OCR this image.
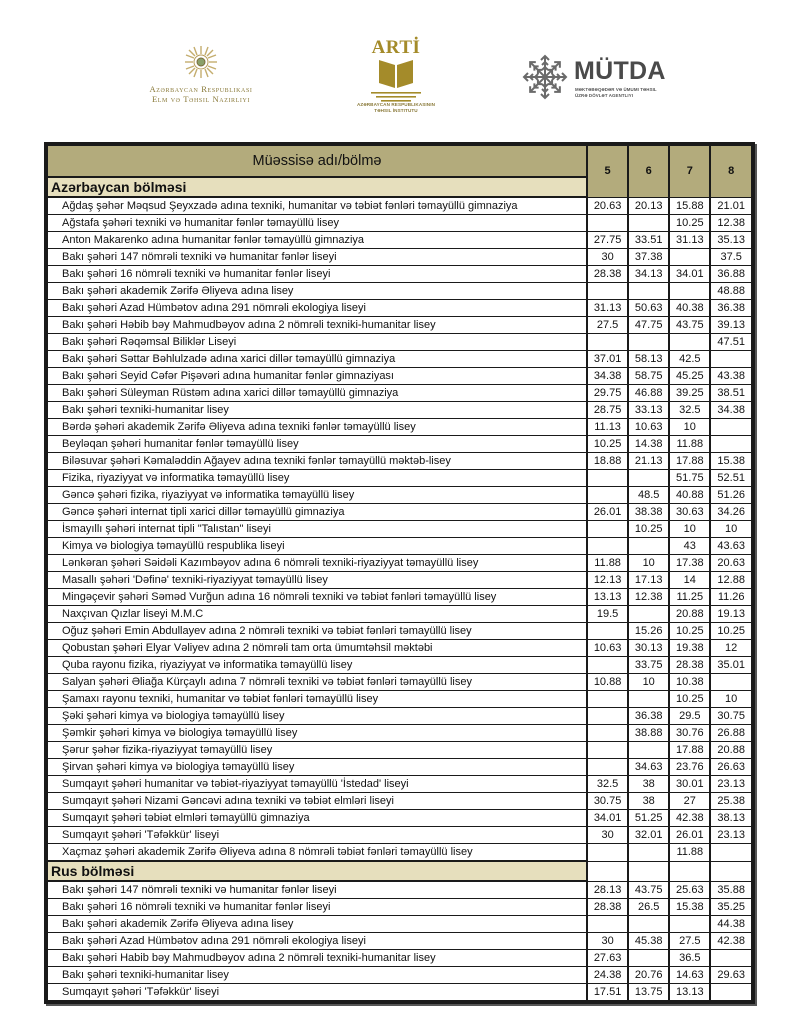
Azərbaycan Respublikası
Elm və Təhsil Nazirliyi
ARTİ
AZƏRBAYCAN RESPUBLIKASININ
TƏHSIL İNSTITUTU
MÜTDA
MƏKTƏBƏQƏDƏR VƏ ÜMUMI TƏHSIL
ÜZRƏ DÖVLƏT AGENTLIYI
Müəssisə adı/bölmə	5	6	7	8
Azərbaycan bölməsi				
Ağdaş şəhər Məqsud Şeyxzadə adına texniki, humanitar və təbiət fənləri təmayüllü gimnaziya	20.63	20.13	15.88	21.01
Ağstafa şəhəri texniki və humanitar fənlər təmayüllü lisey			10.25	12.38
Anton Makarenko adına humanitar fənlər təmayüllü gimnaziya	27.75	33.51	31.13	35.13
Bakı şəhəri 147 nömrəli texniki və humanitar fənlər liseyi	30	37.38		37.5
Bakı şəhəri 16 nömrəli texniki və humanitar fənlər liseyi	28.38	34.13	34.01	36.88
Bakı şəhəri akademik Zərifə Əliyeva adına lisey				48.88
Bakı şəhəri Azad Hümbətov adına 291 nömrəli ekologiya liseyi	31.13	50.63	40.38	36.38
Bakı şəhəri Həbib bəy Mahmudbəyov adına 2 nömrəli texniki-humanitar lisey	27.5	47.75	43.75	39.13
Bakı şəhəri Rəqəmsal Biliklər Liseyi				47.51
Bakı şəhəri Səttar Bəhlulzadə adına xarici dillər təmayüllü gimnaziya	37.01	58.13	42.5	
Bakı şəhəri Seyid Cəfər Pişəvəri adına humanitar fənlər gimnaziyası	34.38	58.75	45.25	43.38
Bakı şəhəri Süleyman Rüstəm adına xarici dillər təmayüllü gimnaziya	29.75	46.88	39.25	38.51
Bakı şəhəri texniki-humanitar lisey	28.75	33.13	32.5	34.38
Bərdə şəhəri akademik Zərifə Əliyeva adına texniki fənlər təmayüllü lisey	11.13	10.63	10	
Beyləqan şəhəri humanitar fənlər təmayüllü lisey	10.25	14.38	11.88	
Biləsuvar şəhəri Kəmaləddin Ağayev adına texniki fənlər təmayüllü məktəb-lisey	18.88	21.13	17.88	15.38
Fizika, riyaziyyat və informatika təmayüllü lisey			51.75	52.51
Gəncə şəhəri fizika, riyaziyyat və informatika təmayüllü lisey		48.5	40.88	51.26
Gəncə şəhəri internat tipli xarici dillər təmayüllü gimnaziya	26.01	38.38	30.63	34.26
İsmayıllı şəhəri internat tipli "Talıstan" liseyi		10.25	10	10
Kimya və biologiya təmayüllü respublika liseyi			43	43.63
Lənkəran şəhəri Səidəli Kazımbəyov adına 6 nömrəli texniki-riyaziyyat təmayüllü lisey	11.88	10	17.38	20.63
Masallı şəhəri 'Dəfinə' texniki-riyaziyyat təmayüllü lisey	12.13	17.13	14	12.88
Mingəçevir şəhəri Səməd Vurğun adına 16 nömrəli texniki və təbiət fənləri təmayüllü lisey	13.13	12.38	11.25	11.26
Naxçıvan Qızlar liseyi M.M.C	19.5		20.88	19.13
Oğuz şəhəri Emin Abdullayev adına 2 nömrəli texniki və təbiət fənləri təmayüllü lisey		15.26	10.25	10.25
Qobustan şəhəri Elyar Vəliyev adına 2 nömrəli tam orta ümumtəhsil məktəbi	10.63	30.13	19.38	12
Quba rayonu fizika, riyaziyyat və informatika təmayüllü lisey		33.75	28.38	35.01
Salyan şəhəri Əliağa Kürçaylı adına 7 nömrəli texniki və təbiət fənləri təmayüllü lisey	10.88	10	10.38	
Şamaxı rayonu texniki, humanitar və təbiət fənləri təmayüllü lisey			10.25	10
Şəki şəhəri kimya və biologiya təmayüllü lisey		36.38	29.5	30.75
Şəmkir şəhəri kimya və biologiya təmayüllü lisey		38.88	30.76	26.88
Şərur şəhər fizika-riyaziyyat təmayüllü lisey			17.88	20.88
Şirvan şəhəri kimya və biologiya təmayüllü lisey		34.63	23.76	26.63
Sumqayıt şəhəri humanitar və təbiət-riyaziyyat təmayüllü 'İstedad' liseyi	32.5	38	30.01	23.13
Sumqayıt şəhəri Nizami Gəncəvi adına texniki və təbiət elmləri liseyi	30.75	38	27	25.38
Sumqayıt şəhəri təbiət elmləri təmayüllü gimnaziya	34.01	51.25	42.38	38.13
Sumqayıt şəhəri 'Təfəkkür' liseyi	30	32.01	26.01	23.13
Xaçmaz şəhəri akademik Zərifə Əliyeva adına 8 nömrəli təbiət fənləri təmayüllü lisey			11.88	
Rus bölməsi				
Bakı şəhəri 147 nömrəli texniki və humanitar fənlər liseyi	28.13	43.75	25.63	35.88
Bakı şəhəri 16 nömrəli texniki və humanitar fənlər liseyi	28.38	26.5	15.38	35.25
Bakı şəhəri akademik Zərifə Əliyeva adına lisey				44.38
Bakı şəhəri Azad Hümbətov adına 291 nömrəli ekologiya liseyi	30	45.38	27.5	42.38
Bakı şəhəri Habib bəy Mahmudbəyov adına 2 nömrəli texniki-humanitar lisey	27.63		36.5	
Bakı şəhəri texniki-humanitar lisey	24.38	20.76	14.63	29.63
Sumqayıt şəhəri 'Təfəkkür' liseyi	17.51	13.75	13.13	
